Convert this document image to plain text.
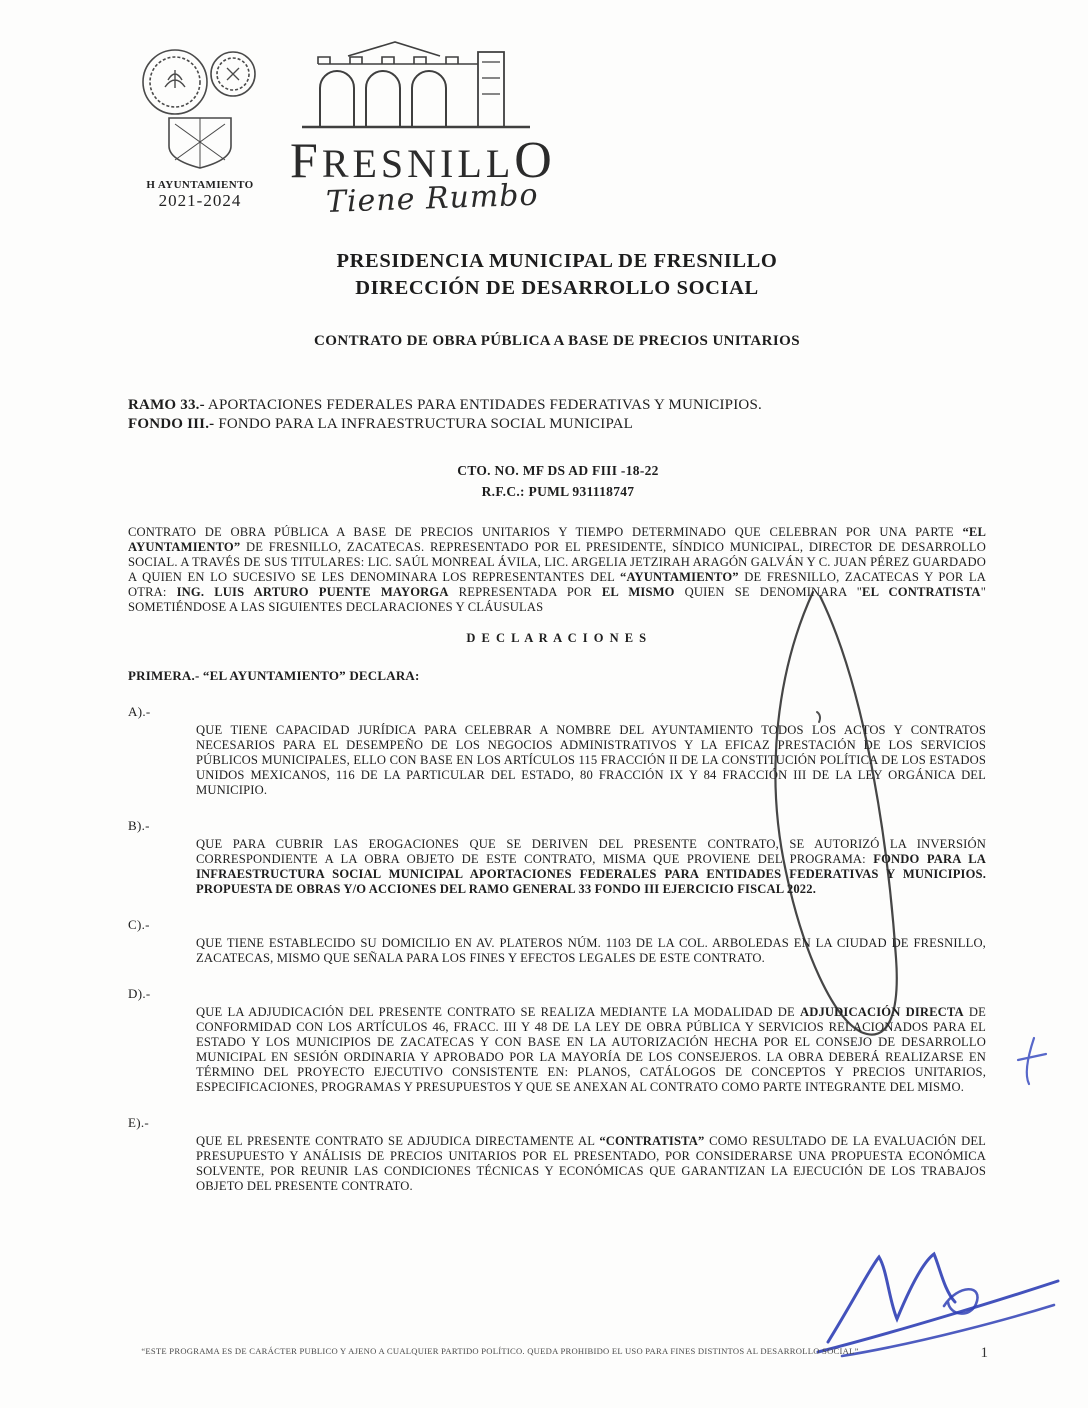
H AYUNTAMIENTO
2021-2024
FRESNILLO
Tiene Rumbo
PRESIDENCIA MUNICIPAL DE FRESNILLO
DIRECCIÓN DE DESARROLLO SOCIAL
CONTRATO DE OBRA PÚBLICA A BASE DE PRECIOS UNITARIOS
RAMO 33.- APORTACIONES FEDERALES PARA ENTIDADES FEDERATIVAS Y MUNICIPIOS.
FONDO III.- FONDO PARA LA INFRAESTRUCTURA SOCIAL MUNICIPAL
CTO. NO. MF DS AD FIII -18-22
R.F.C.: PUML 931118747
CONTRATO DE OBRA PÚBLICA A BASE DE PRECIOS UNITARIOS Y TIEMPO DETERMINADO QUE CELEBRAN POR UNA PARTE “EL AYUNTAMIENTO” DE FRESNILLO, ZACATECAS. REPRESENTADO POR EL PRESIDENTE, SÍNDICO MUNICIPAL, DIRECTOR DE DESARROLLO SOCIAL. A TRAVÉS DE SUS TITULARES: LIC. SAÚL MONREAL ÁVILA, LIC. ARGELIA JETZIRAH ARAGÓN GALVÁN Y C. JUAN PÉREZ GUARDADO A QUIEN EN LO SUCESIVO SE LES DENOMINARA LOS REPRESENTANTES DEL “AYUNTAMIENTO” DE FRESNILLO, ZACATECAS Y POR LA OTRA: ING. LUIS ARTURO PUENTE MAYORGA REPRESENTADA POR EL MISMO QUIEN SE DENOMINARA "EL CONTRATISTA" SOMETIÉNDOSE A LAS SIGUIENTES DECLARACIONES Y CLÁUSULAS
D E C L A R A C I O N E S
PRIMERA.- “EL AYUNTAMIENTO” DECLARA:
A).-
QUE TIENE CAPACIDAD JURÍDICA PARA CELEBRAR A NOMBRE DEL AYUNTAMIENTO TODOS LOS ACTOS Y CONTRATOS NECESARIOS PARA EL DESEMPEÑO DE LOS NEGOCIOS ADMINISTRATIVOS Y LA EFICAZ PRESTACIÓN DE LOS SERVICIOS PÚBLICOS MUNICIPALES, ELLO CON BASE EN LOS ARTÍCULOS 115 FRACCIÓN II DE LA CONSTITUCIÓN POLÍTICA DE LOS ESTADOS UNIDOS MEXICANOS, 116 DE LA PARTICULAR DEL ESTADO, 80 FRACCIÓN IX Y 84 FRACCIÓN III DE LA LEY ORGÁNICA DEL MUNICIPIO.
B).-
QUE PARA CUBRIR LAS EROGACIONES QUE SE DERIVEN DEL PRESENTE CONTRATO, SE AUTORIZÓ LA INVERSIÓN CORRESPONDIENTE A LA OBRA OBJETO DE ESTE CONTRATO, MISMA QUE PROVIENE DEL PROGRAMA: FONDO PARA LA INFRAESTRUCTURA SOCIAL MUNICIPAL APORTACIONES FEDERALES PARA ENTIDADES FEDERATIVAS Y MUNICIPIOS. PROPUESTA DE OBRAS Y/O ACCIONES DEL RAMO GENERAL 33 FONDO III EJERCICIO FISCAL 2022.
C).-
QUE TIENE ESTABLECIDO SU DOMICILIO EN AV. PLATEROS NÚM. 1103 DE LA COL. ARBOLEDAS EN LA CIUDAD DE FRESNILLO, ZACATECAS, MISMO QUE SEÑALA PARA LOS FINES Y EFECTOS LEGALES DE ESTE CONTRATO.
D).-
QUE LA ADJUDICACIÓN DEL PRESENTE CONTRATO SE REALIZA MEDIANTE LA MODALIDAD DE ADJUDICACIÓN DIRECTA DE CONFORMIDAD CON LOS ARTÍCULOS 46, FRACC. III Y 48 DE LA LEY DE OBRA PÚBLICA Y SERVICIOS RELACIONADOS PARA EL ESTADO Y LOS MUNICIPIOS DE ZACATECAS Y CON BASE EN LA AUTORIZACIÓN HECHA POR EL CONSEJO DE DESARROLLO MUNICIPAL EN SESIÓN ORDINARIA Y APROBADO POR LA MAYORÍA DE LOS CONSEJEROS. LA OBRA DEBERÁ REALIZARSE EN TÉRMINO DEL PROYECTO EJECUTIVO CONSISTENTE EN: PLANOS, CATÁLOGOS DE CONCEPTOS Y PRECIOS UNITARIOS, ESPECIFICACIONES, PROGRAMAS Y PRESUPUESTOS Y QUE SE ANEXAN AL CONTRATO COMO PARTE INTEGRANTE DEL MISMO.
E).-
QUE EL PRESENTE CONTRATO SE ADJUDICA DIRECTAMENTE AL “CONTRATISTA” COMO RESULTADO DE LA EVALUACIÓN DEL PRESUPUESTO Y ANÁLISIS DE PRECIOS UNITARIOS POR EL PRESENTADO, POR CONSIDERARSE UNA PROPUESTA ECONÓMICA SOLVENTE, POR REUNIR LAS CONDICIONES TÉCNICAS Y ECONÓMICAS QUE GARANTIZAN LA EJECUCIÓN DE LOS TRABAJOS OBJETO DEL PRESENTE CONTRATO.
“ESTE PROGRAMA ES DE CARÁCTER PUBLICO Y AJENO A CUALQUIER PARTIDO POLÍTICO. QUEDA PROHIBIDO EL USO PARA FINES DISTINTOS AL DESARROLLO SOCIAL”	1
